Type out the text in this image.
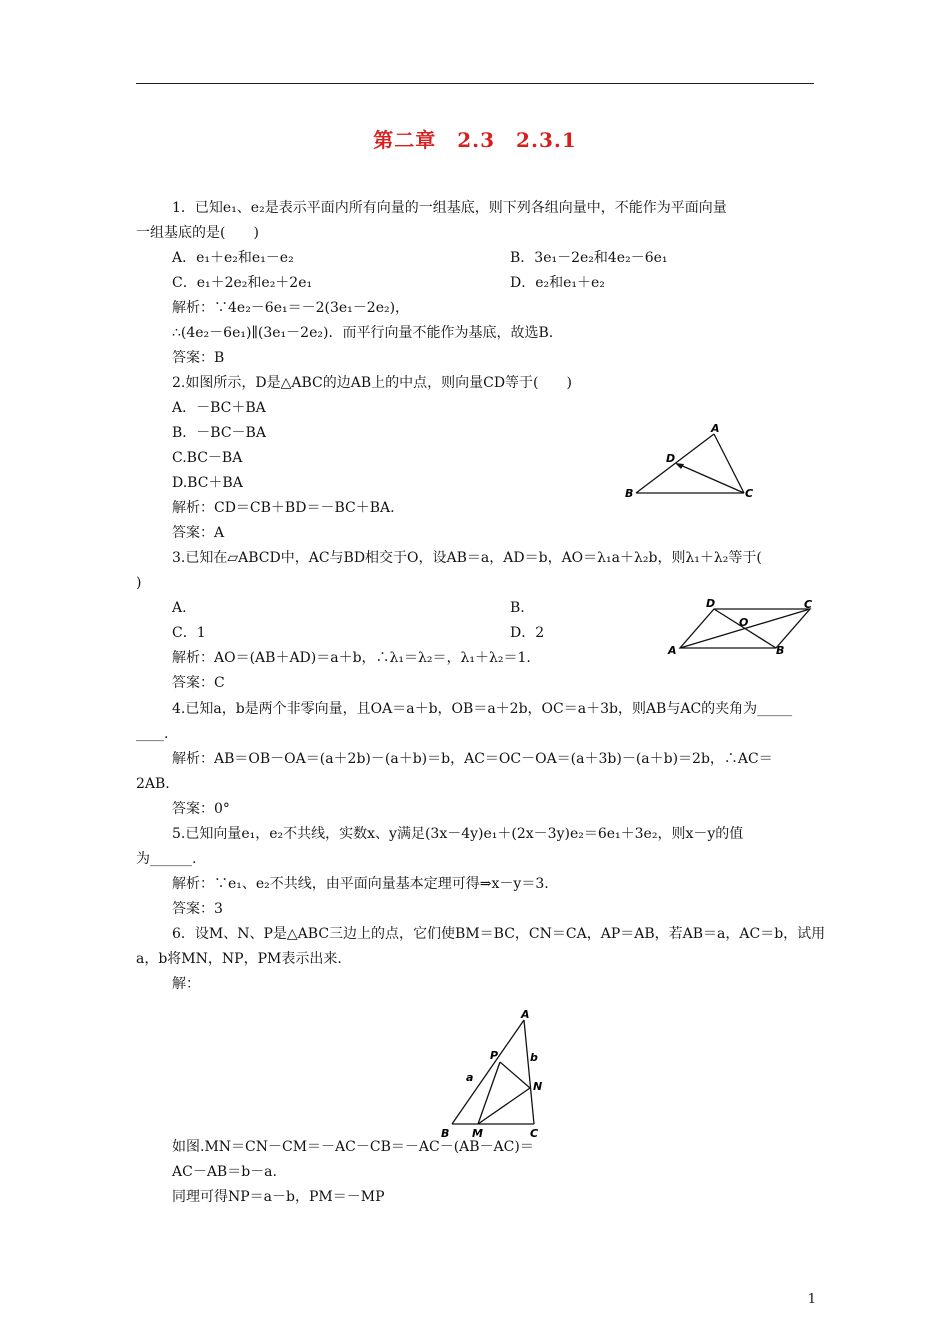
第二章　2.3　2.3.1
1．已知e₁、e₂是表示平面内所有向量的一组基底，则下列各组向量中，不能作为平面向量
一组基底的是(　　)
A．e₁＋e₂和e₁－e₂	B．3e₁－2e₂和4e₂－6e₁
C．e₁＋2e₂和e₂＋2e₁	D．e₂和e₁＋e₂
解析：∵4e₂－6e₁＝－2(3e₁－2e₂)，
∴(4e₂－6e₁)∥(3e₁－2e₂)．而平行向量不能作为基底，故选B.
答案：B
2.如图所示，D是△ABC的边AB上的中点，则向量CD等于(　　)
A．－BC＋BA
B．－BC－BA
C.BC－BA
D.BC＋BA
解析：CD＝CB＋BD＝－BC＋BA.
答案：A
3.已知在▱ABCD中，AC与BD相交于O，设AB＝a，AD＝b，AO＝λ₁a＋λ₂b，则λ₁＋λ₂等于(
)
A.	B.
C．1	D．2
解析：AO＝(AB＋AD)＝a＋b，∴λ₁＝λ₂＝，λ₁＋λ₂＝1.
答案：C
4.已知a，b是两个非零向量，且OA＝a＋b，OB＝a＋2b，OC＝a＋3b，则AB与AC的夹角为_____
____.
解析：AB＝OB－OA＝(a＋2b)－(a＋b)＝b，AC＝OC－OA＝(a＋3b)－(a＋b)＝2b，∴AC＝
2AB.
答案：0°
5.已知向量e₁，e₂不共线，实数x、y满足(3x－4y)e₁＋(2x－3y)e₂＝6e₁＋3e₂，则x－y的值
为______.
解析：∵e₁、e₂不共线，由平面向量基本定理可得⇒x－y＝3.
答案：3
6．设M、N、P是△ABC三边上的点，它们使BM＝BC，CN＝CA，AP＝AB，若AB＝a，AC＝b，试用
a，b将MN，NP，PM表示出来.
解：
如图.MN＝CN－CM＝－AC－CB＝－AC－(AB－AC)＝
AC－AB＝b－a.
同理可得NP＝a－b，PM＝－MP
A
D
B	C
D	C
O
A	B
A
P	b
a
N
B M	C
1
